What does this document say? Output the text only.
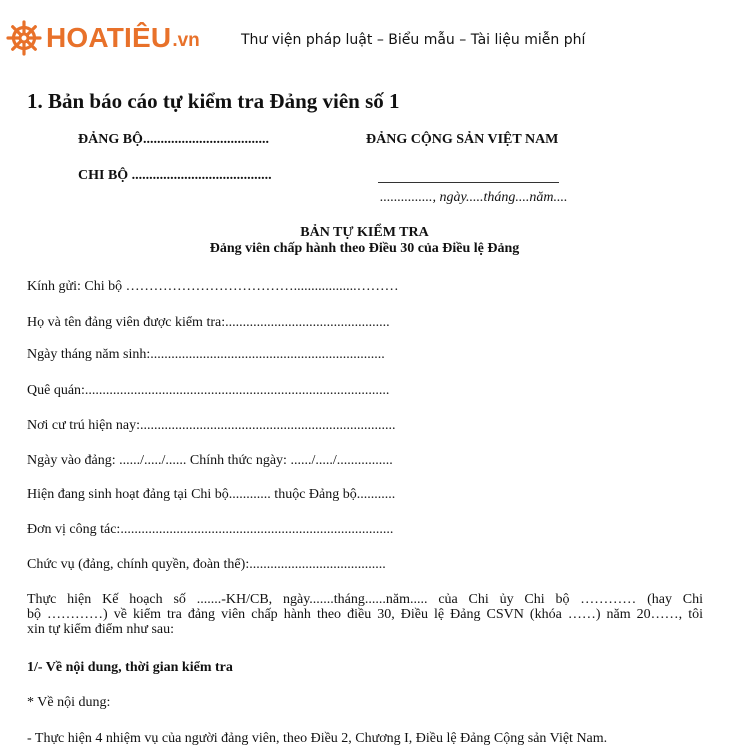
HOATIÊU .vn	Thư viện pháp luật – Biểu mẫu – Tài liệu miễn phí
1. Bản báo cáo tự kiểm tra Đảng viên số 1
ĐẢNG BỘ....................................	ĐẢNG CỘNG SẢN VIỆT NAM
CHI BỘ ........................................
..............., ngày.....tháng....năm....
BẢN TỰ KIỂM TRA
Đảng viên chấp hành theo Điều 30 của Điều lệ Đảng
Kính gửi: Chi bộ ………………………………..................………
Họ và tên đảng viên được kiểm tra:...............................................
Ngày tháng năm sinh:...................................................................
Quê quán:.......................................................................................
Nơi cư trú hiện nay:.........................................................................
Ngày vào đảng: ....../...../...... Chính thức ngày: ....../...../................
Hiện đang sinh hoạt đảng tại Chi bộ............ thuộc Đảng bộ...........
Đơn vị công tác:..............................................................................
Chức vụ (đảng, chính quyền, đoàn thể):.......................................
Thực hiện Kế hoạch số .......-KH/CB, ngày.......tháng......năm..... của Chi ủy Chi bộ ………… (hay Chi
bộ …………) về kiểm tra đảng viên chấp hành theo điều 30, Điều lệ Đảng CSVN (khóa ……) năm 20……, tôi
xin tự kiểm điểm như sau:
1/- Về nội dung, thời gian kiểm tra
* Về nội dung:
- Thực hiện 4 nhiệm vụ của người đảng viên, theo Điều 2, Chương I, Điều lệ Đảng Cộng sản Việt Nam.
